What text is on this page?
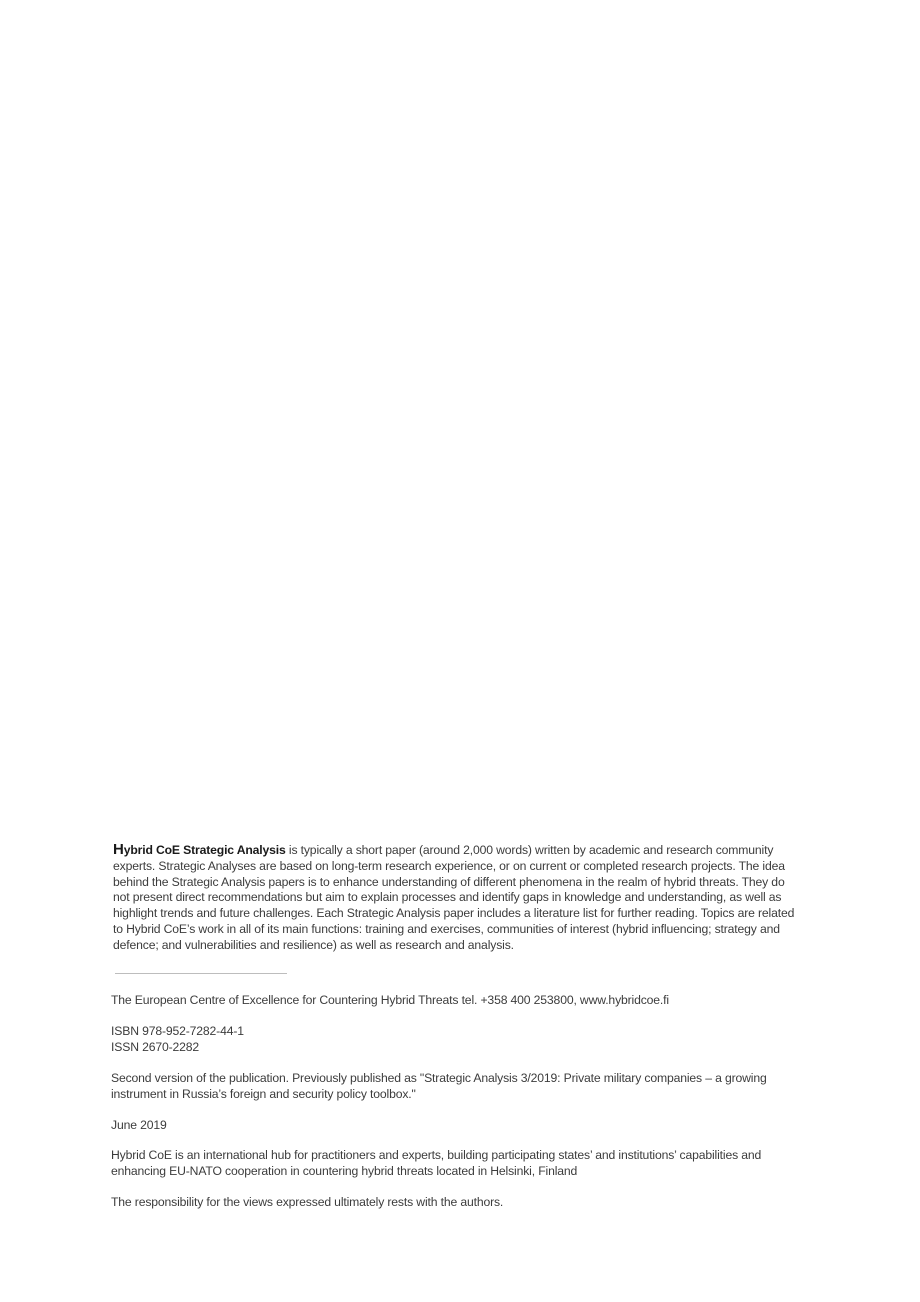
Hybrid CoE Strategic Analysis is typically a short paper (around 2,000 words) written by academic and research community experts. Strategic Analyses are based on long-term research experience, or on current or completed research projects. The idea behind the Strategic Analysis papers is to enhance understanding of different phenomena in the realm of hybrid threats. They do not present direct recommendations but aim to explain processes and identify gaps in knowledge and understanding, as well as highlight trends and future challenges. Each Strategic Analysis paper includes a literature list for further reading. Topics are related to Hybrid CoE’s work in all of its main functions: training and exercises, communities of interest (hybrid influencing; strategy and defence; and vulnerabilities and resilience) as well as research and analysis.

The European Centre of Excellence for Countering Hybrid Threats tel. +358 400 253800, www.hybridcoe.fi

ISBN 978-952-7282-44-1

ISSN 2670-2282

Second version of the publication. Previously published as "Strategic Analysis 3/2019: Private military companies – a growing instrument in Russia’s foreign and security policy toolbox."

June 2019

Hybrid CoE is an international hub for practitioners and experts, building participating states’ and institutions’ capabilities and enhancing EU-NATO cooperation in countering hybrid threats located in Helsinki, Finland

The responsibility for the views expressed ultimately rests with the authors.
